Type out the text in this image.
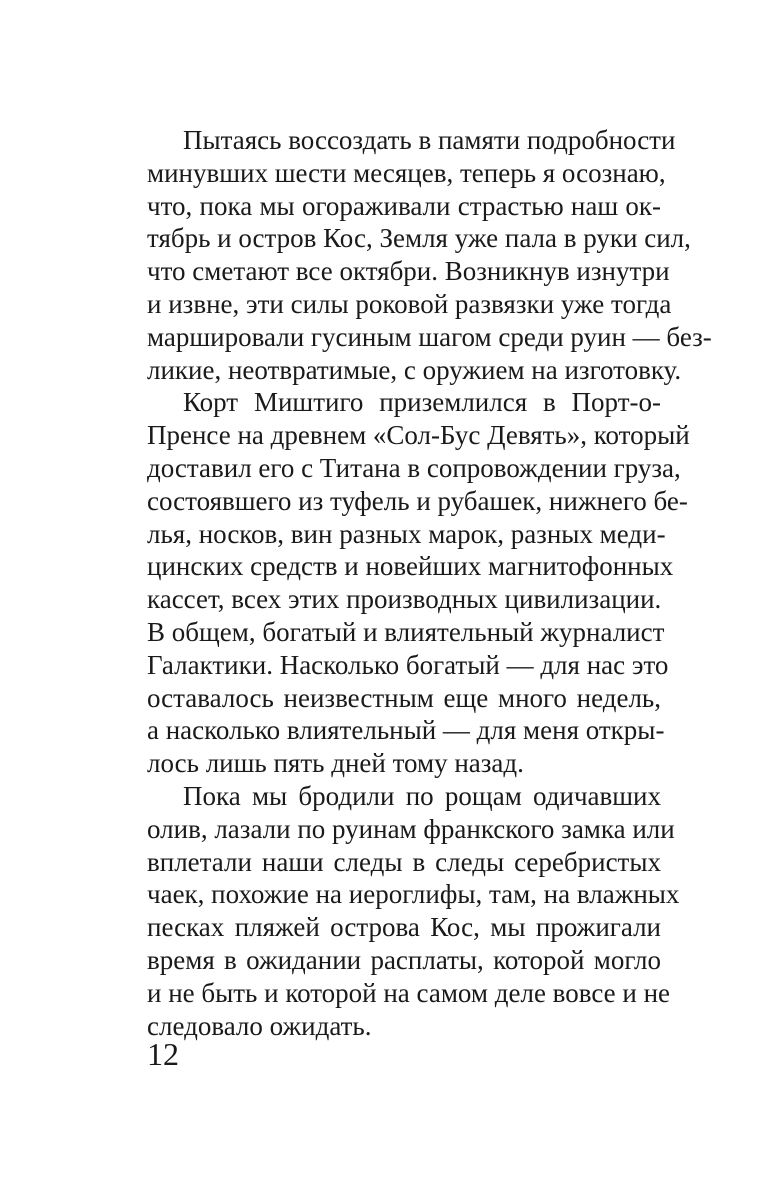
Пытаясь воссоздать в памяти подробности
минувших шести месяцев, теперь я осознаю,
что, пока мы огораживали страстью наш ок-
тябрь и остров Кос, Земля уже пала в руки сил,
что сметают все октябри. Возникнув изнутри
и извне, эти силы роковой развязки уже тогда
маршировали гусиным шагом среди руин — без-
ликие, неотвратимые, с оружием на изготовку.
Корт Миштиго приземлился в Порт-о-
Пренсе на древнем «Сол-Бус Девять», который
доставил его с Титана в сопровождении груза,
состоявшего из туфель и рубашек, нижнего бе-
лья, носков, вин разных марок, разных меди-
цинских средств и новейших магнитофонных
кассет, всех этих производных цивилизации.
В общем, богатый и влиятельный журналист
Галактики. Насколько богатый — для нас это
оставалось неизвестным еще много недель,
а насколько влиятельный — для меня откры-
лось лишь пять дней тому назад.
Пока мы бродили по рощам одичавших
олив, лазали по руинам франкского замка или
вплетали наши следы в следы серебристых
чаек, похожие на иероглифы, там, на влажных
песках пляжей острова Кос, мы прожигали
время в ожидании расплаты, которой могло
и не быть и которой на самом деле вовсе и не
следовало ожидать.
12
